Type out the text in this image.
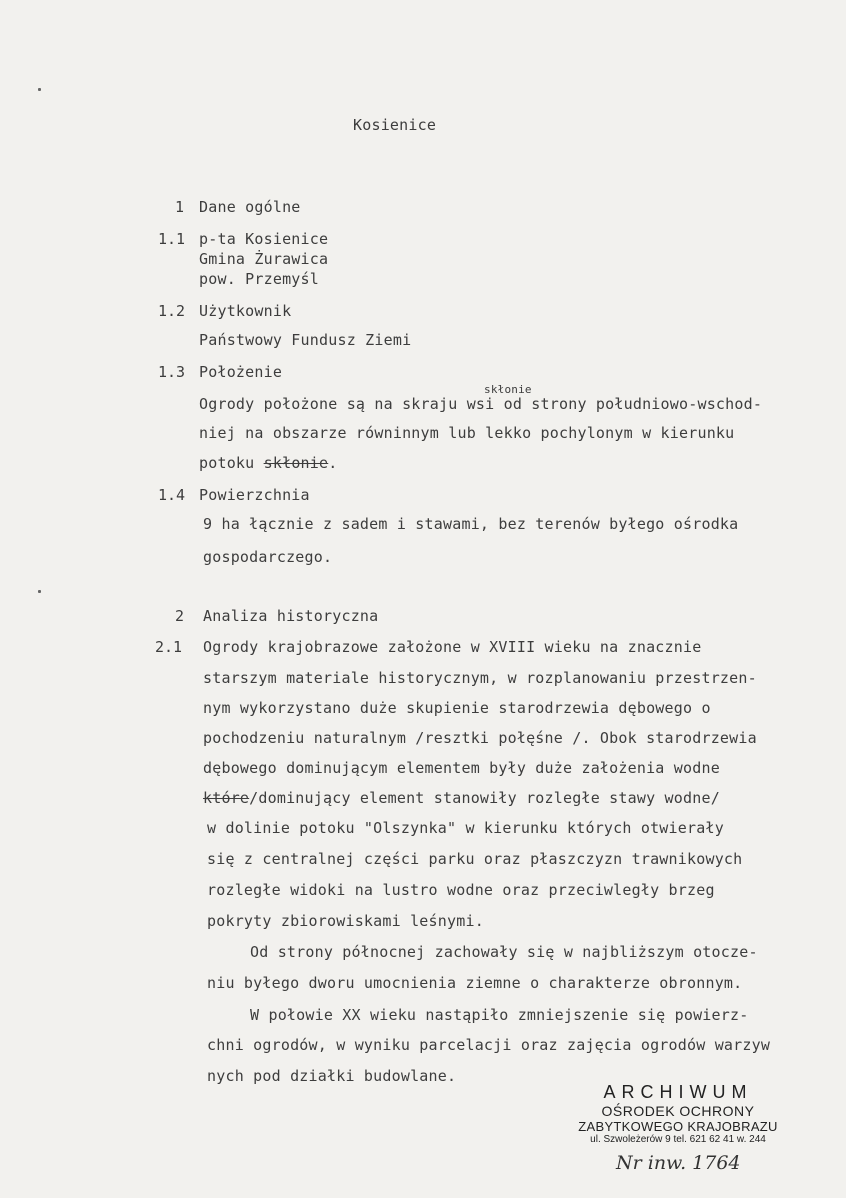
Kosienice
1 Dane ogólne
1.1 p-ta Kosienice
Gmina Żurawica
pow. Przemyśl
1.2 Użytkownik
Państwowy Fundusz Ziemi
1.3 Położenie
Ogrody położone są na skraju wsi od strony południowo-wschod-
skłonie
niej na obszarze równinnym lub lekko pochylonym w kierunku
potoku skłonie.
1.4 Powierzchnia
9 ha łącznie z sadem i stawami, bez terenów byłego ośrodka
gospodarczego.
2 Analiza historyczna
2.1 Ogrody krajobrazowe założone w XVIII wieku na znacznie
starszym materiale historycznym, w rozplanowaniu przestrzen-
nym wykorzystano duże skupienie starodrzewia dębowego o
pochodzeniu naturalnym /resztki połęśne /. Obok starodrzewia
dębowego dominującym elementem były duże założenia wodne
które/dominujący element stanowiły rozległe stawy wodne/
w dolinie potoku "Olszynka" w kierunku których otwierały
się z centralnej części parku oraz płaszczyzn trawnikowych
rozległe widoki na lustro wodne oraz przeciwległy brzeg
pokryty zbiorowiskami leśnymi.
Od strony północnej zachowały się w najbliższym otocze-
niu byłego dworu umocnienia ziemne o charakterze obronnym.
W połowie XX wieku nastąpiło zmniejszenie się powierz-
chni ogrodów, w wyniku parcelacji oraz zajęcia ogrodów warzyw
nych pod działki budowlane.
ARCHIWUM
OŚRODEK OCHRONY
ZABYTKOWEGO KRAJOBRAZU
ul. Szwoleżerów 9 tel. 621 62 41 w. 244
Nr inw. 1764
